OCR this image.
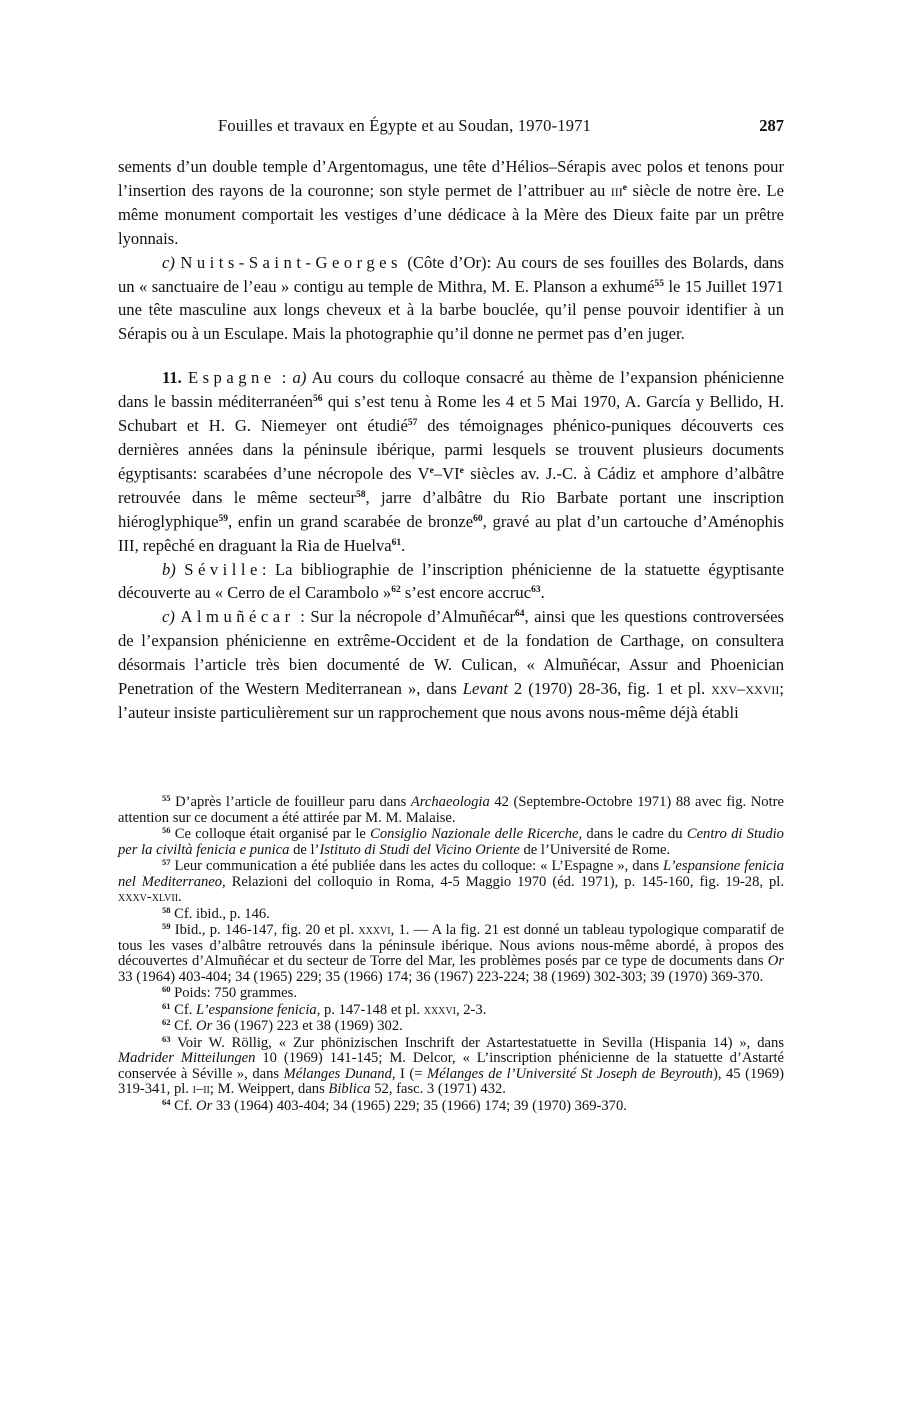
Fouilles et travaux en Égypte et au Soudan, 1970-1971	287

sements d’un double temple d’Argentomagus, une tête d’Hélios–Sérapis avec polos et tenons pour l’insertion des rayons de la couronne; son style permet de l’attribuer au iii$^e$ siècle de notre ère. Le même monument comportait les vestiges d’une dédicace à la Mère des Dieux faite par un prêtre lyonnais.

c) Nuits-Saint-Georges (Côte d’Or): Au cours de ses fouilles des Bolards, dans un « sanctuaire de l’eau » contigu au temple de Mithra, M. E. Planson a exhumé$^{55}$ le 15 Juillet 1971 une tête masculine aux longs cheveux et à la barbe bouclée, qu’il pense pouvoir identifier à un Sérapis ou à un Esculape. Mais la photographie qu’il donne ne permet pas d’en juger.

11. Espagne : a) Au cours du colloque consacré au thème de l’expansion phénicienne dans le bassin méditerranéen$^{56}$ qui s’est tenu à Rome les 4 et 5 Mai 1970, A. García y Bellido, H. Schubart et H. G. Niemeyer ont étudié$^{57}$ des témoignages phénico-puniques découverts ces dernières années dans la péninsule ibérique, parmi lesquels se trouvent plusieurs documents égyptisants: scarabées d’une nécropole des Ve–VIe siècles av. J.-C. à Cádiz et amphore d’albâtre retrouvée dans le même secteur$^{58}$, jarre d’albâtre du Rio Barbate portant une inscription hiéroglyphique$^{59}$, enfin un grand scarabée de bronze$^{60}$, gravé au plat d’un cartouche d’Aménophis III, repêché en draguant la Ria de Huelva$^{61}$.

b) Séville: La bibliographie de l’inscription phénicienne de la statuette égyptisante découverte au « Cerro de el Carambolo »$^{62}$ s’est encore accruc$^{63}$.

c) Almuñécar : Sur la nécropole d’Almuñécar$^{64}$, ainsi que les questions controversées de l’expansion phénicienne en extrême-Occident et de la fondation de Carthage, on consultera désormais l’article très bien documenté de W. Culican, « Almuñécar, Assur and Phoenician Penetration of the Western Mediterranean », dans Levant 2 (1970) 28-36, fig. 1 et pl. xxv–xxvii; l’auteur insiste particulièrement sur un rapprochement que nous avons nous-même déjà établi

$^{55}$ D’après l’article de fouilleur paru dans Archaeologia 42 (Septembre-Octobre 1971) 88 avec fig. Notre attention sur ce document a été attirée par M. M. Malaise.

$^{56}$ Ce colloque était organisé par le Consiglio Nazionale delle Ricerche, dans le cadre du Centro di Studio per la civiltà fenicia e punica de l’Istituto di Studi del Vicino Oriente de l’Université de Rome.

$^{57}$ Leur communication a été publiée dans les actes du colloque: « L’Espagne », dans L’espansione fenicia nel Mediterraneo, Relazioni del colloquio in Roma, 4-5 Maggio 1970 (éd. 1971), p. 145-160, fig. 19-28, pl. xxxv-xlvii.

$^{58}$ Cf. ibid., p. 146.

$^{59}$ Ibid., p. 146-147, fig. 20 et pl. xxxvi, 1. — A la fig. 21 est donné un tableau typologique comparatif de tous les vases d’albâtre retrouvés dans la péninsule ibérique. Nous avions nous-même abordé, à propos des découvertes d’Almuñécar et du secteur de Torre del Mar, les problèmes posés par ce type de documents dans Or 33 (1964) 403-404; 34 (1965) 229; 35 (1966) 174; 36 (1967) 223-224; 38 (1969) 302-303; 39 (1970) 369-370.

$^{60}$ Poids: 750 grammes.

$^{61}$ Cf. L’espansione fenicia, p. 147-148 et pl. xxxvi, 2-3.

$^{62}$ Cf. Or 36 (1967) 223 et 38 (1969) 302.

$^{63}$ Voir W. Röllig, « Zur phönizischen Inschrift der Astartestatuette in Sevilla (Hispania 14) », dans Madrider Mitteilungen 10 (1969) 141-145; M. Delcor, « L’inscription phénicienne de la statuette d’Astarté conservée à Séville », dans Mélanges Dunand, I (= Mélanges de l’Université St Joseph de Beyrouth), 45 (1969) 319-341, pl. i–ii; M. Weippert, dans Biblica 52, fasc. 3 (1971) 432.

$^{64}$ Cf. Or 33 (1964) 403-404; 34 (1965) 229; 35 (1966) 174; 39 (1970) 369-370.
